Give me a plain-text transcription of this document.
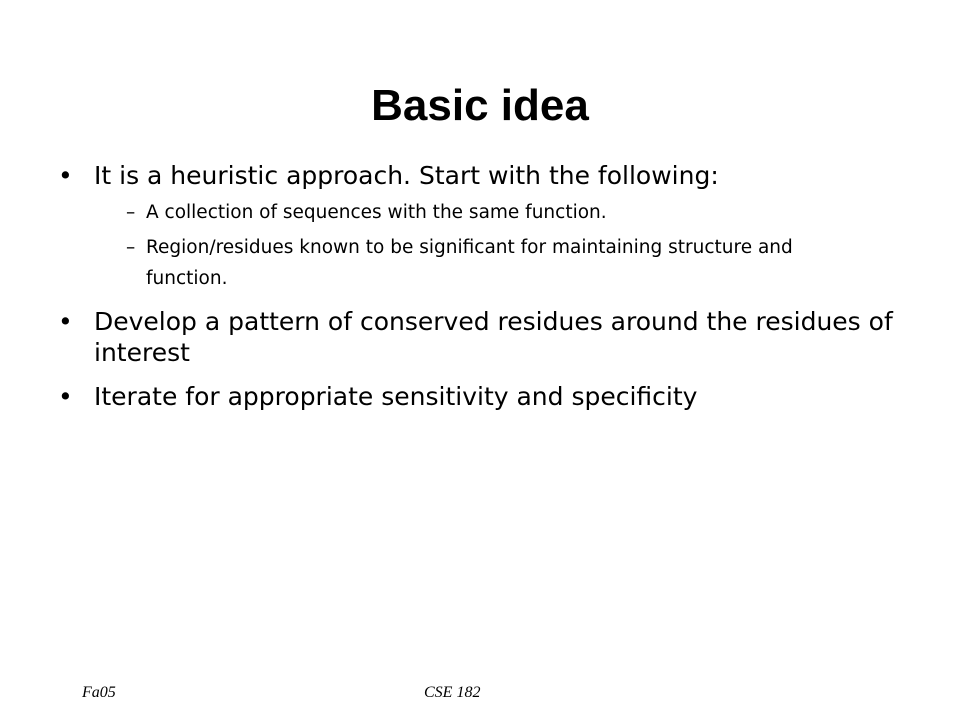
Basic idea
• It is a heuristic approach. Start with the following:
– A collection of sequences with the same function.
– Region/residues known to be significant for maintaining structure and function.
• Develop a pattern of conserved residues around the residues of interest
• Iterate for appropriate sensitivity and specificity
Fa05	CSE 182
